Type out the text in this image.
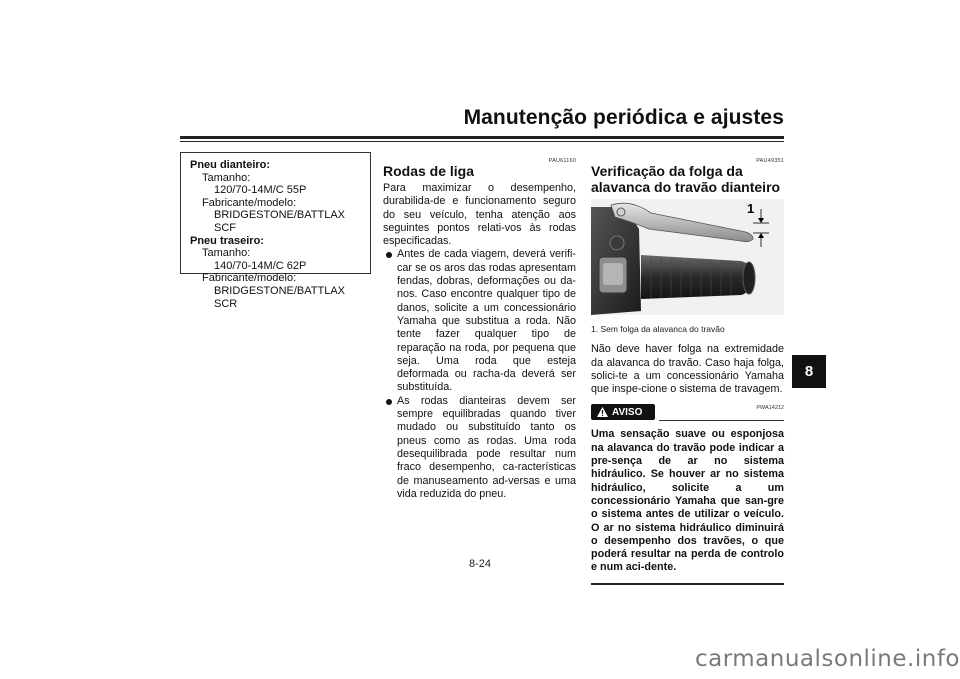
Manutenção periódica e ajustes
8
Pneu dianteiro:
Tamanho:
120/70-14M/C 55P
Fabricante/modelo:
BRIDGESTONE/BATTLAX SCF
Pneu traseiro:
Tamanho:
140/70-14M/C 62P
Fabricante/modelo:
BRIDGESTONE/BATTLAX SCR
PAU61160
Rodas de liga

Para maximizar o desempenho, durabilida-de e funcionamento seguro do seu veículo, tenha atenção aos seguintes pontos relati-vos às rodas especificadas.

Antes de cada viagem, deverá verifi-car se os aros das rodas apresentam fendas, dobras, deformações ou da-nos. Caso encontre qualquer tipo de danos, solicite a um concessionário Yamaha que substitua a roda. Não tente fazer qualquer tipo de reparação na roda, por pequena que seja. Uma roda que esteja deformada ou racha-da deverá ser substituída.
As rodas dianteiras devem ser sempre equilibradas quando tiver mudado ou substituído tanto os pneus como as rodas. Uma roda desequilibrada pode resultar num fraco desempenho, ca-racterísticas de manuseamento ad-versas e uma vida reduzida do pneu.
PAU49351
Verificação da folga da alavanca do travão dianteiro
1
1. Sem folga da alavanca do travão

Não deve haver folga na extremidade da alavanca do travão. Caso haja folga, solici-te a um concessionário Yamaha que inspe-cione o sistema de travagem.

AVISO	PWA14212

Uma sensação suave ou esponjosa na alavanca do travão pode indicar a pre-sença de ar no sistema hidráulico. Se houver ar no sistema hidráulico, solicite a um concessionário Yamaha que san-gre o sistema antes de utilizar o veículo. O ar no sistema hidráulico diminuirá o desempenho dos travões, o que poderá resultar na perda de controlo e num aci-dente.

8-24
carmanualsonline.info
